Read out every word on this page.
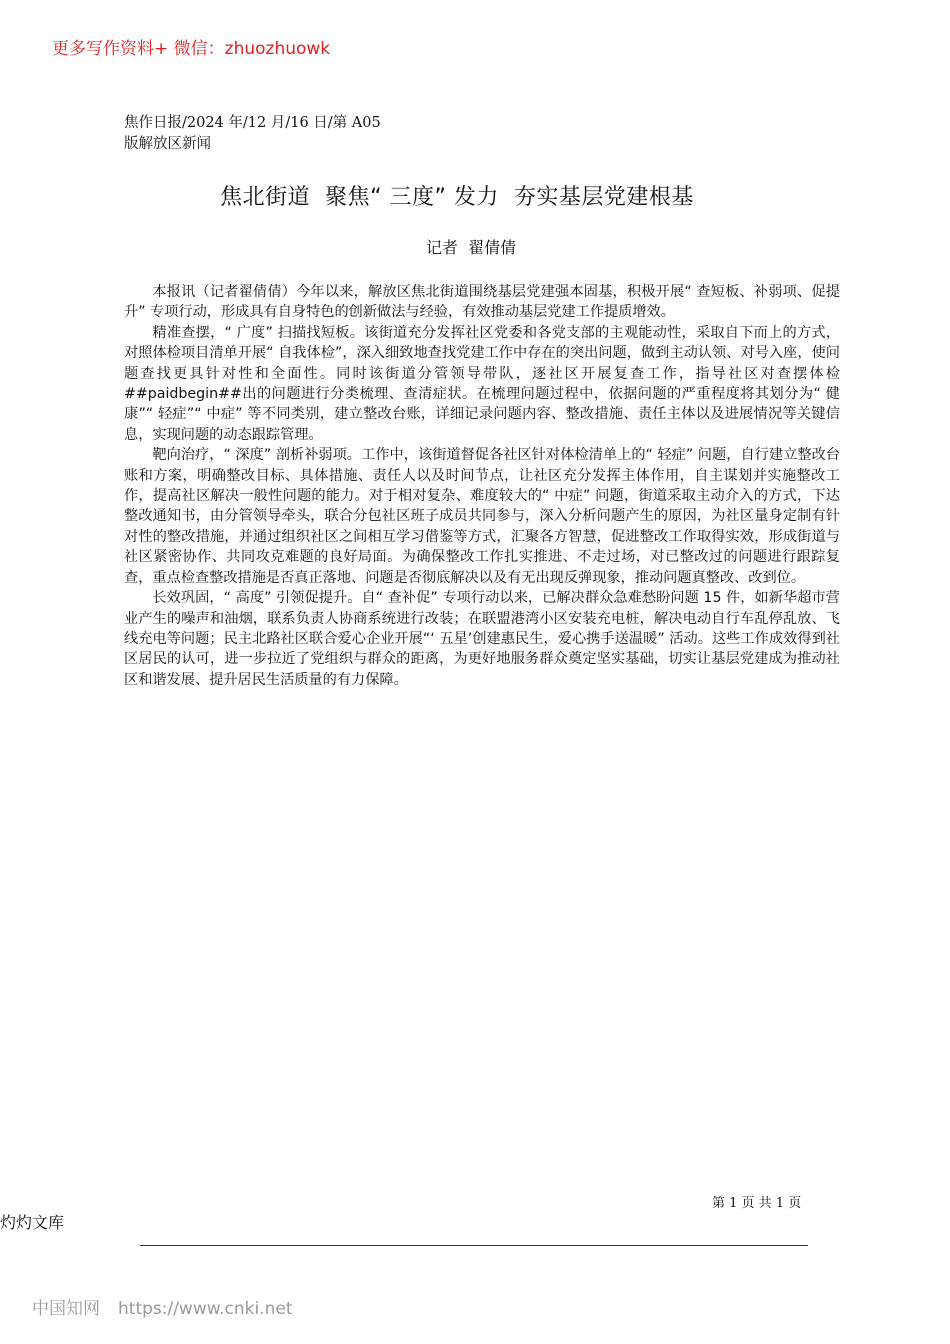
更多写作资料+ 微信：zhuozhuowk
焦作日报/2024 年/12 月/16 日/第 A05
版解放区新闻
焦北街道  聚焦“ 三度” 发力  夯实基层党建根基
记者  翟倩倩

本报讯（记者翟倩倩）今年以来，解放区焦北街道围绕基层党建强本固基，积极开展“ 查短板、补弱项、促提升” 专项行动，形成具有自身特色的创新做法与经验，有效推动基层党建工作提质增效。

精准查摆，“ 广度” 扫描找短板。该街道充分发挥社区党委和各党支部的主观能动性，采取自下而上的方式，对照体检项目清单开展“ 自我体检”，深入细致地查找党建工作中存在的突出问题，做到主动认领、对号入座，使问题查找更具针对性和全面性。同时该街道分管领导带队，逐社区开展复查工作，指导社区对查摆体检##paidbegin##出的问题进行分类梳理、查清症状。在梳理问题过程中，依据问题的严重程度将其划分为“ 健康”“ 轻症”“ 中症” 等不同类别，建立整改台账，详细记录问题内容、整改措施、责任主体以及进展情况等关键信息，实现问题的动态跟踪管理。

靶向治疗，“ 深度” 剖析补弱项。工作中，该街道督促各社区针对体检清单上的“ 轻症” 问题，自行建立整改台账和方案，明确整改目标、具体措施、责任人以及时间节点，让社区充分发挥主体作用，自主谋划并实施整改工作，提高社区解决一般性问题的能力。对于相对复杂、难度较大的“ 中症” 问题，街道采取主动介入的方式，下达整改通知书，由分管领导牵头，联合分包社区班子成员共同参与，深入分析问题产生的原因，为社区量身定制有针对性的整改措施，并通过组织社区之间相互学习借鉴等方式，汇聚各方智慧，促进整改工作取得实效，形成街道与社区紧密协作、共同攻克难题的良好局面。为确保整改工作扎实推进、不走过场，对已整改过的问题进行跟踪复查，重点检查整改措施是否真正落地、问题是否彻底解决以及有无出现反弹现象，推动问题真整改、改到位。

长效巩固，“ 高度” 引领促提升。自“ 查补促” 专项行动以来，已解决群众急难愁盼问题 15 件，如新华超市营业产生的噪声和油烟，联系负责人协商系统进行改装；在联盟港湾小区安装充电桩，解决电动自行车乱停乱放、飞线充电等问题；民主北路社区联合爱心企业开展“‘ 五星’创建惠民生，爱心携手送温暖” 活动。这些工作成效得到社区居民的认可，进一步拉近了党组织与群众的距离，为更好地服务群众奠定坚实基础，切实让基层党建成为推动社区和谐发展、提升居民生活质量的有力保障。

第 1 页 共 1 页
灼灼文库
中国知网 https://www.cnki.net
